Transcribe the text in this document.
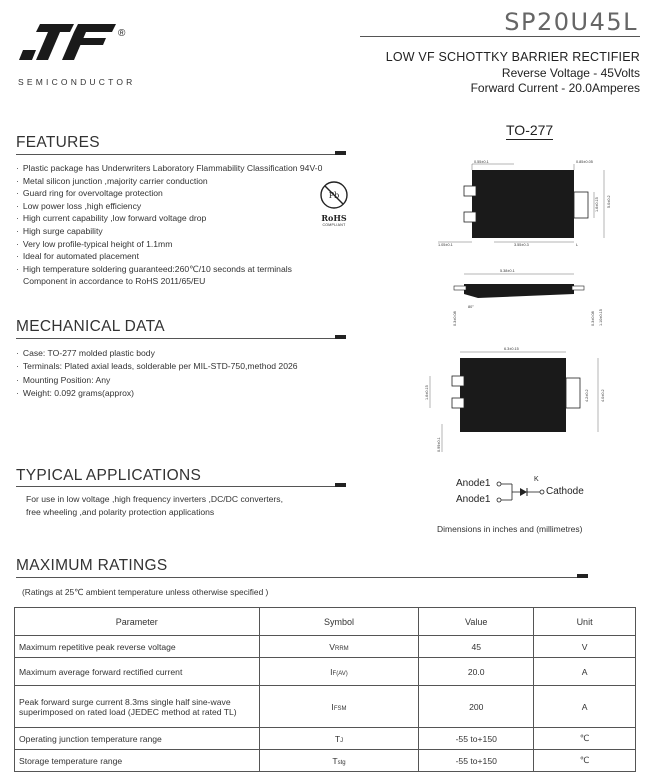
®
SEMICONDUCTOR
SP20U45L
LOW VF SCHOTTKY BARRIER RECTIFIER
Reverse Voltage - 45Volts
Forward Current - 20.0Amperes
FEATURES
· Plastic package has Underwriters Laboratory Flammability Classification 94V-0
· Metal silicon junction ,majority carrier conduction
· Guard ring for overvoltage protection
· Low power loss ,high efficiency
· High current capability ,low forward voltage drop
· High surge capability
· Very low profile-typical height of 1.1mm
· Ideal for automated placement
· High temperature soldering guaranteed:260℃/10 seconds at terminals
Component in accordance to RoHS 2011/65/EU
Pb
RoHS
COMPLIANT
MECHANICAL DATA
· Case: TO-277 molded plastic body
· Terminals: Plated axial leads, solderable per MIL-STD-750,method 2026
· Mounting Position: Any
· Weight: 0.092 grams(approx)
TYPICAL APPLICATIONS
For use in low voltage ,high frequency inverters ,DC/DC converters,
free wheeling ,and polarity protection applications
TO-277
0.55±0.1	0.85±0.05
1.05±0.1	3.55±0.3	L
5.0±0.2
1.6±0.15
5.38±0.1
80°
0.3±0.08	1.10±0.15
0.3±0.08
6.3±0.15
1.6±0.15	4.2±0.2	4.0±0.2
0.99±0.1
Anode1
Anode1
K
Cathode
Dimensions in inches and (millimetres)
MAXIMUM RATINGS
(Ratings at 25℃ ambient temperature unless otherwise specified )
Parameter	Symbol	Value	Unit
Maximum repetitive peak reverse voltage	VRRM	45	V
Maximum average forward rectified current	IF(AV)	20.0	A
Peak forward surge current 8.3ms single half sine-wave superimposed on rated load (JEDEC method at rated TL)	IFSM	200	A
Operating junction temperature range	TJ	-55 to+150	℃
Storage temperature range	Tstg	-55 to+150	℃
